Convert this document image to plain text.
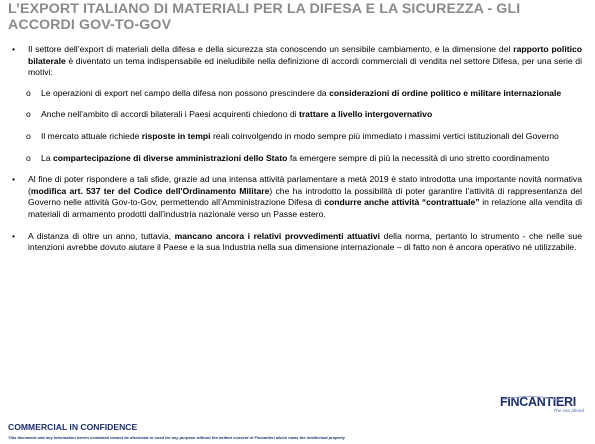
L’EXPORT ITALIANO DI MATERIALI PER LA DIFESA E LA SICUREZZA - GLI ACCORDI GOV-TO-GOV
• Il settore dell’export di materiali della difesa e della sicurezza sta conoscendo un sensibile cambiamento, e la dimensione del rapporto politico bilaterale è diventato un tema indispensabile ed ineludibile nella definizione di accordi commerciali di vendita nel settore Difesa, per una serie di motivi:
o Le operazioni di export nel campo della difesa non possono prescindere da considerazioni di ordine politico e militare internazionale
o Anche nell’ambito di accordi bilaterali i Paesi acquirenti chiedono di trattare a livello intergovernativo
o Il mercato attuale richiede risposte in tempi reali coinvolgendo in modo sempre più immediato i massimi vertici istituzionali del Governo
o La compartecipazione di diverse amministrazioni dello Stato fa emergere sempre di più la necessità di uno stretto coordinamento
• Al fine di poter rispondere a tali sfide, grazie ad una intensa attività parlamentare a metà 2019 è stato introdotta una importante novità normativa (modifica art. 537 ter del Codice dell'Ordinamento Militare) che ha introdotto la possibilità di poter garantire l’attività di rappresentanza del Governo nelle attività Gov-to-Gov, permettendo all’Amministrazione Difesa di condurre anche attività “contrattuale” in relazione alla vendita di materiali di armamento prodotti dall'industria nazionale verso un Passe estero.
• A distanza di oltre un anno, tuttavia, mancano ancora i relativi provvedimenti attuativi della norma, pertanto lo strumento - che nelle sue intenzioni avrebbe dovuto aiutare il Paese e la sua Industria nella sua dimensione internazionale – di fatto non è ancora operativo né utilizzabile.
FINCANTIERI
The sea ahead
COMMERCIAL IN CONFIDENCE
This document and any information herein contained cannot be disclosed or used for any purpose without the written consent of Fincantieri which owns the intellectual property
